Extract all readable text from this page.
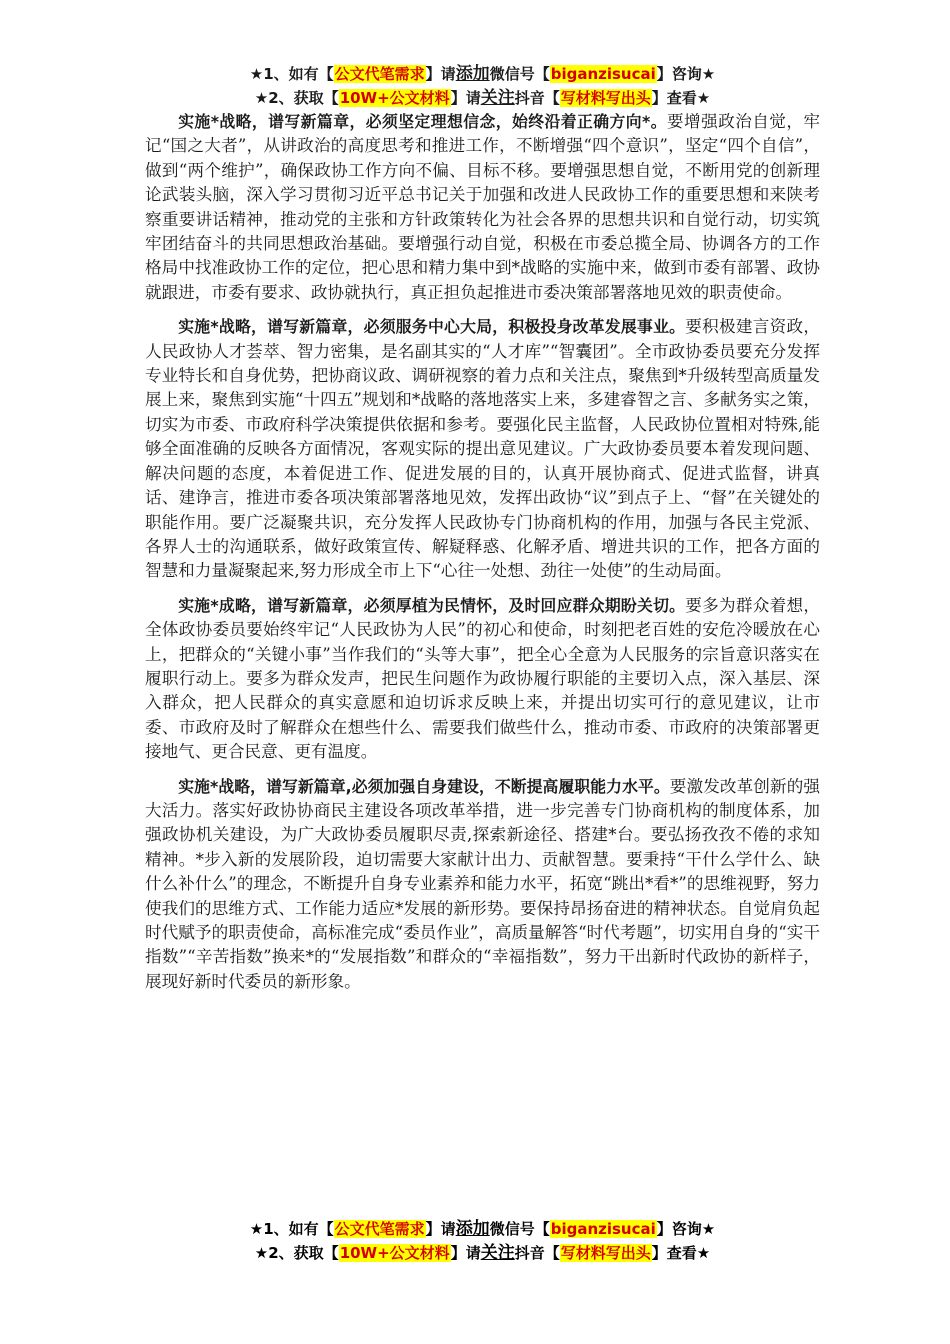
★1、如有【公文代笔需求】请添加微信号【biganzisucai】咨询★
★2、获取【10W+公文材料】请关注抖音【写材料写出头】查看★

实施*战略，谱写新篇章，必须坚定理想信念，始终沿着正确方向*。要增强政治自觉，牢记“国之大者”，从讲政治的高度思考和推进工作，不断增强“四个意识”，坚定“四个自信”，做到“两个维护”，确保政协工作方向不偏、目标不移。要增强思想自觉，不断用党的创新理论武装头脑，深入学习贯彻习近平总书记关于加强和改进人民政协工作的重要思想和来陕考察重要讲话精神，推动党的主张和方针政策转化为社会各界的思想共识和自觉行动，切实筑牢团结奋斗的共同思想政治基础。要增强行动自觉，积极在市委总揽全局、协调各方的工作格局中找准政协工作的定位，把心思和精力集中到*战略的实施中来，做到市委有部署、政协就跟进，市委有要求、政协就执行，真正担负起推进市委决策部署落地见效的职责使命。

实施*战略，谱写新篇章，必须服务中心大局，积极投身改革发展事业。要积极建言资政，人民政协人才荟萃、智力密集，是名副其实的“人才库”“智囊团”。全市政协委员要充分发挥专业特长和自身优势，把协商议政、调研视察的着力点和关注点，聚焦到*升级转型高质量发展上来，聚焦到实施“十四五”规划和*战略的落地落实上来，多建睿智之言、多献务实之策，切实为市委、市政府科学决策提供依据和参考。要强化民主监督，人民政协位置相对特殊,能够全面准确的反映各方面情况，客观实际的提出意见建议。广大政协委员要本着发现问题、解决问题的态度，本着促进工作、促进发展的目的，认真开展协商式、促进式监督，讲真话、建诤言，推进市委各项决策部署落地见效，发挥出政协“议”到点子上、“督”在关键处的职能作用。要广泛凝聚共识，充分发挥人民政协专门协商机构的作用，加强与各民主党派、各界人士的沟通联系，做好政策宣传、解疑释惑、化解矛盾、增进共识的工作，把各方面的智慧和力量凝聚起来,努力形成全市上下“心往一处想、劲往一处使”的生动局面。

实施*成略，谱写新篇章，必须厚植为民情怀，及时回应群众期盼关切。要多为群众着想，全体政协委员要始终牢记“人民政协为人民”的初心和使命，时刻把老百姓的安危冷暖放在心上，把群众的“关键小事”当作我们的“头等大事”，把全心全意为人民服务的宗旨意识落实在履职行动上。要多为群众发声，把民生问题作为政协履行职能的主要切入点，深入基层、深入群众，把人民群众的真实意愿和迫切诉求反映上来，并提出切实可行的意见建议，让市委、市政府及时了解群众在想些什么、需要我们做些什么，推动市委、市政府的决策部署更接地气、更合民意、更有温度。

实施*战略，谱写新篇章,必须加强自身建设，不断提高履职能力水平。要激发改革创新的强大活力。落实好政协协商民主建设各项改革举措，进一步完善专门协商机构的制度体系，加强政协机关建设，为广大政协委员履职尽责,探索新途径、搭建*台。要弘扬孜孜不倦的求知精神。*步入新的发展阶段，迫切需要大家献计出力、贡献智慧。要秉持“干什么学什么、缺什么补什么”的理念，不断提升自身专业素养和能力水平，拓宽“跳出*看*”的思维视野，努力使我们的思维方式、工作能力适应*发展的新形势。要保持昂扬奋进的精神状态。自觉肩负起时代赋予的职责使命，高标准完成“委员作业”，高质量解答“时代考题”，切实用自身的“实干指数”“辛苦指数”换来*的“发展指数”和群众的“幸福指数”，努力干出新时代政协的新样子，展现好新时代委员的新形象。

★1、如有【公文代笔需求】请添加微信号【biganzisucai】咨询★
★2、获取【10W+公文材料】请关注抖音【写材料写出头】查看★
